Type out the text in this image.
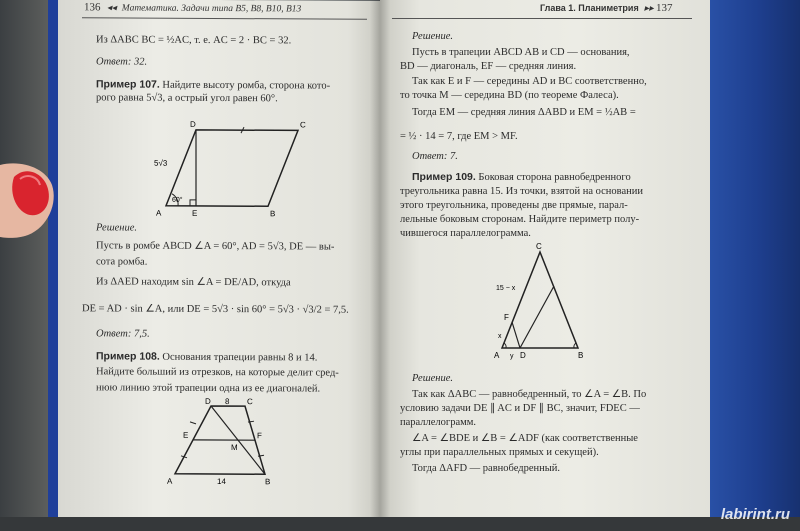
136 ◂◂ Математика. Задачи типа B5, B8, B10, B13
Из ΔABC BC = ½AC, т. е. AC = 2 · BC = 32.
Ответ: 32.
Пример 107. Найдите высоту ромба, сторона кото-
рого равна 5√3, а острый угол равен 60°.
D	C
A	E	B
5√3
60°
Решение.
Пусть в ромбе ABCD ∠A = 60°, AD = 5√3, DE — вы-
сота ромба.
Из ΔAED находим sin ∠A = DE/AD, откуда
DE = AD · sin ∠A, или DE = 5√3 · sin 60° = 5√3 · √3/2 = 7,5.
Ответ: 7,5.
Пример 108. Основания трапеции равны 8 и 14.
Найдите больший из отрезков, на которые делит сред-
нюю линию этой трапеции одна из ее диагоналей.
D 8 C
E
M
F
A	14	B
Глава 1. Планиметрия ▸▸ 137
Решение.
Пусть в трапеции ABCD AB и CD — основания,
BD — диагональ, EF — средняя линия.
Так как E и F — середины AD и BC соответственно,
то точка M — середина BD (по теореме Фалеса).
Тогда EM — средняя линия ΔABD и EM = ½AB =
= ½ · 14 = 7, где EM > MF.
Ответ: 7.
Пример 109. Боковая сторона равнобедренного
треугольника равна 15. Из точки, взятой на основании
этого треугольника, проведены две прямые, парал-
лельные боковым сторонам. Найдите периметр полу-
чившегося параллелограмма.
C
15 − x
F
x
A y D	B
Решение.
Так как ΔABC — равнобедренный, то ∠A = ∠B. По
условию задачи DE ∥ AC и DF ∥ BC, значит, FDEC —
параллелограмм.
∠A = ∠BDE и ∠B = ∠ADF (как соответственные
углы при параллельных прямых и секущей).
Тогда ΔAFD — равнобедренный.
labirint.ru
